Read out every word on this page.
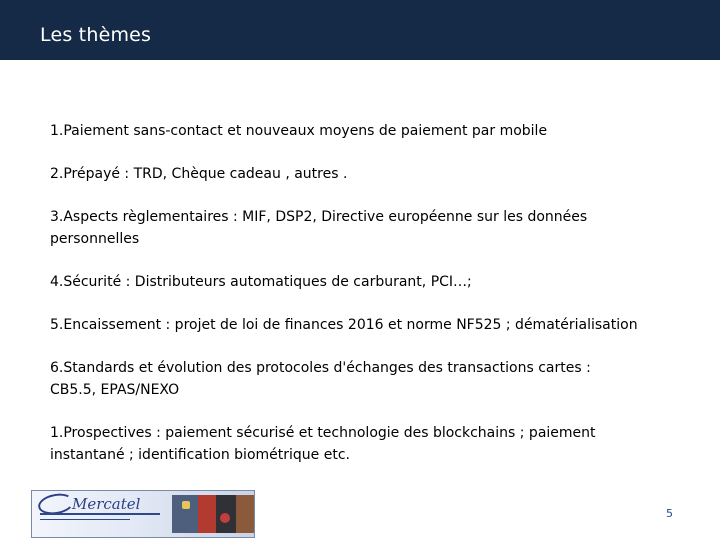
Les thèmes
1.Paiement sans-contact et nouveaux moyens de paiement par mobile
2.Prépayé : TRD, Chèque cadeau , autres .
3.Aspects règlementaires : MIF, DSP2, Directive européenne sur les données personnelles
4.Sécurité : Distributeurs automatiques de carburant, PCI…;
5.Encaissement : projet de loi de finances 2016 et norme NF525 ; dématérialisation
6.Standards et évolution des protocoles d'échanges des transactions cartes : CB5.5, EPAS/NEXO
1.Prospectives : paiement sécurisé et technologie des blockchains ; paiement instantané ; identification biométrique etc.
Mercatel
5
